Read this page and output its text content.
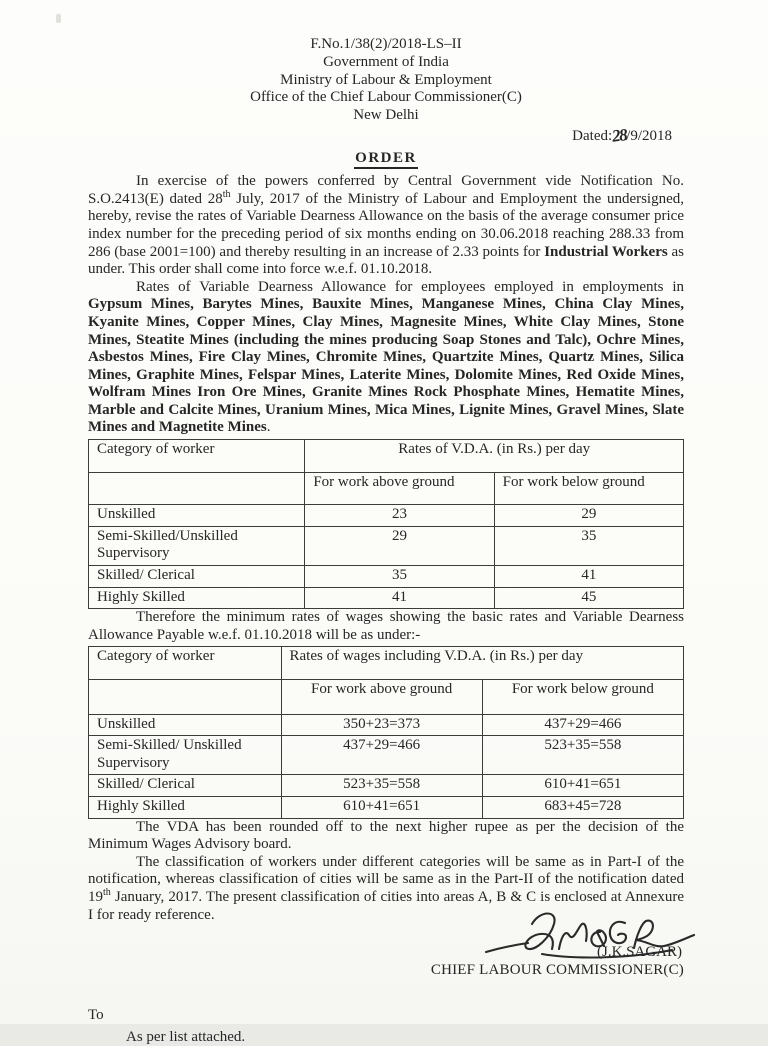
F.No.1/38(2)/2018-LS–II
Government of India
Ministry of Labour & Employment
Office of the Chief Labour Commissioner(C)
New Delhi
Dated:28/9/2018
ORDER

In exercise of the powers conferred by Central Government vide Notification No. S.O.2413(E) dated 28th July, 2017 of the Ministry of Labour and Employment the undersigned, hereby, revise the rates of Variable Dearness Allowance on the basis of the average consumer price index number for the preceding period of six months ending on 30.06.2018 reaching 288.33 from 286 (base 2001=100) and thereby resulting in an increase of 2.33 points for Industrial Workers as under. This order shall come into force w.e.f. 01.10.2018.

Rates of Variable Dearness Allowance for employees employed in employments in Gypsum Mines, Barytes Mines, Bauxite Mines, Manganese Mines, China Clay Mines, Kyanite Mines, Copper Mines, Clay Mines, Magnesite Mines, White Clay Mines, Stone Mines, Steatite Mines (including the mines producing Soap Stones and Talc), Ochre Mines, Asbestos Mines, Fire Clay Mines, Chromite Mines, Quartzite Mines, Quartz Mines, Silica Mines, Graphite Mines, Felspar Mines, Laterite Mines, Dolomite Mines, Red Oxide Mines, Wolfram Mines Iron Ore Mines, Granite Mines Rock Phosphate Mines, Hematite Mines, Marble and Calcite Mines, Uranium Mines, Mica Mines, Lignite Mines, Gravel Mines, Slate Mines and Magnetite Mines.

Category of worker	Rates of V.D.A. (in Rs.) per day	
	For work above ground	For work below ground
Unskilled	23	29
Semi-Skilled/Unskilled Supervisory	29	35
Skilled/ Clerical	35	41
Highly Skilled	41	45

Therefore the minimum rates of wages showing the basic rates and Variable Dearness Allowance Payable w.e.f. 01.10.2018 will be as under:-

Category of worker	Rates of wages including V.D.A. (in Rs.) per day	
	For work above ground	For work below ground
Unskilled	350+23=373	437+29=466
Semi-Skilled/ Unskilled Supervisory	437+29=466	523+35=558
Skilled/ Clerical	523+35=558	610+41=651
Highly Skilled	610+41=651	683+45=728

The VDA has been rounded off to the next higher rupee as per the decision of the Minimum Wages Advisory board.

The classification of workers under different categories will be same as in Part-I of the notification, whereas classification of cities will be same as in the Part-II of the notification dated 19th January, 2017. The present classification of cities into areas A, B & C is enclosed at Annexure I for ready reference.

(J.K.SAGAR)
CHIEF LABOUR COMMISSIONER(C)
To
As per list attached.
